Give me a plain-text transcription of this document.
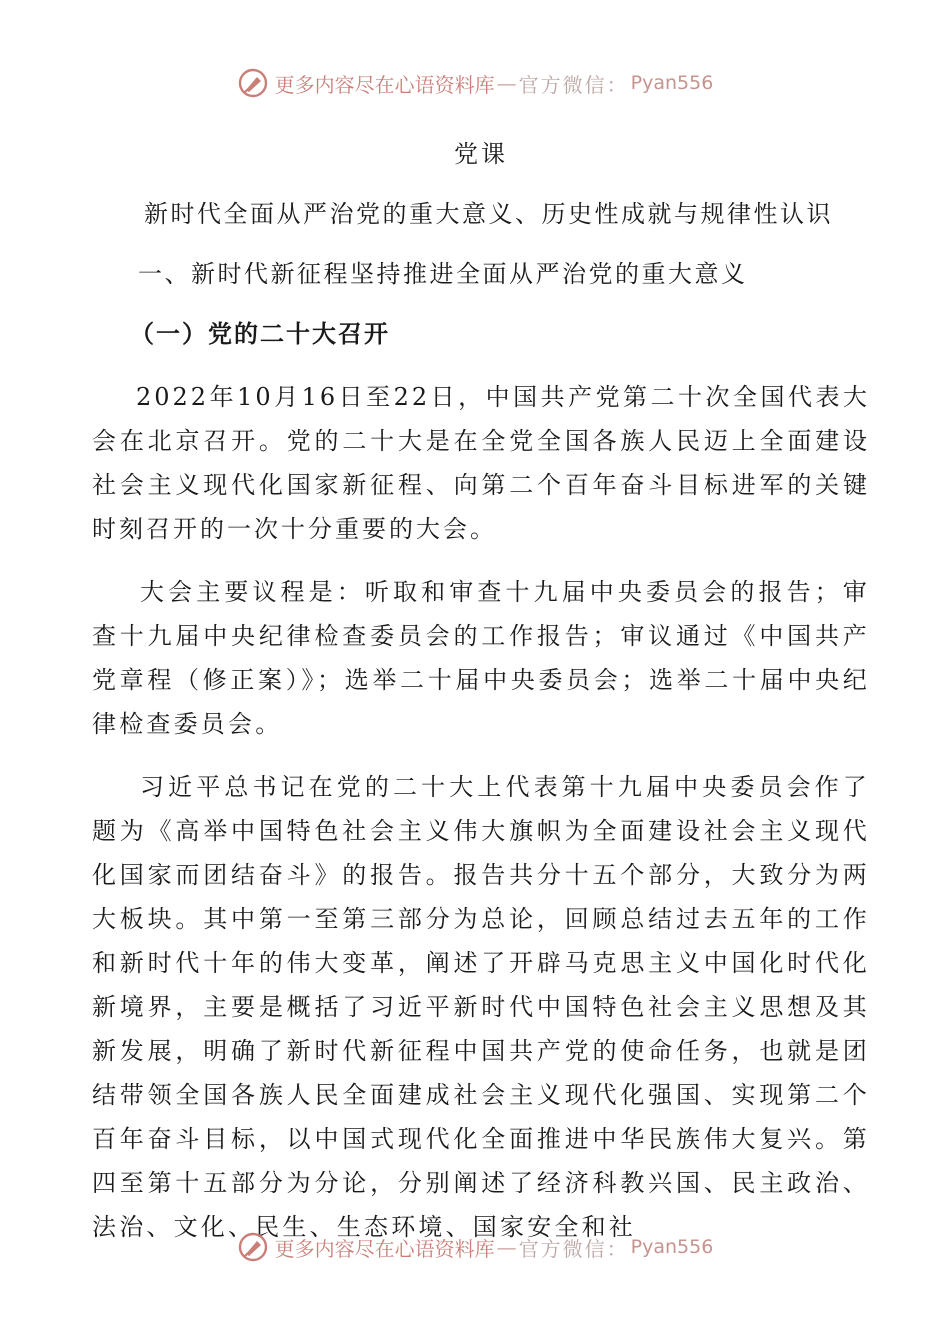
更多内容尽在心语资料库 — 官方微信： Pyan556
党课
新时代全面从严治党的重大意义、历史性成就与规律性认识
一、新时代新征程坚持推进全面从严治党的重大意义
（一）党的二十大召开
2022年10月16日至22日，中国共产党第二十次全国代表大会在北京召开。党的二十大是在全党全国各族人民迈上全面建设社会主义现代化国家新征程、向第二个百年奋斗目标进军的关键时刻召开的一次十分重要的大会。
大会主要议程是：听取和审查十九届中央委员会的报告；审查十九届中央纪律检查委员会的工作报告；审议通过《中国共产党章程（修正案）》；选举二十届中央委员会；选举二十届中央纪律检查委员会。
习近平总书记在党的二十大上代表第十九届中央委员会作了题为《高举中国特色社会主义伟大旗帜为全面建设社会主义现代化国家而团结奋斗》的报告。报告共分十五个部分，大致分为两大板块。其中第一至第三部分为总论，回顾总结过去五年的工作和新时代十年的伟大变革，阐述了开辟马克思主义中国化时代化新境界，主要是概括了习近平新时代中国特色社会主义思想及其新发展，明确了新时代新征程中国共产党的使命任务，也就是团结带领全国各族人民全面建成社会主义现代化强国、实现第二个百年奋斗目标，以中国式现代化全面推进中华民族伟大复兴。第四至第十五部分为分论，分别阐述了经济科教兴国、民主政治、法治、文化、民生、生态环境、国家安全和社
更多内容尽在心语资料库 — 官方微信： Pyan556
